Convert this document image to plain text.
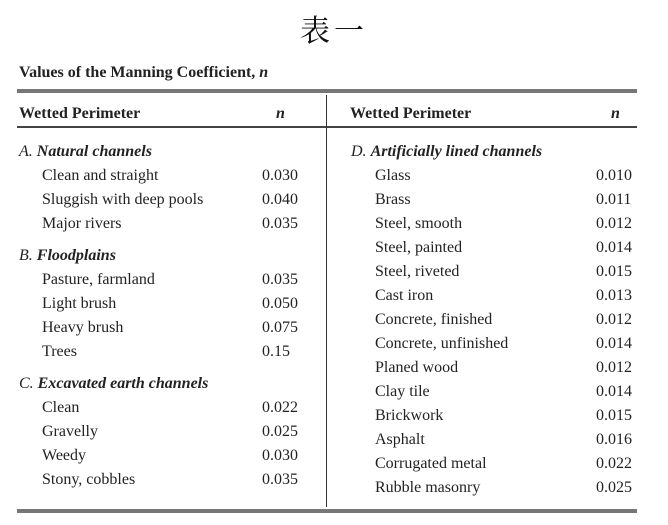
表一
Values of the Manning Coefficient, n
Wetted Perimeter	n	Wetted Perimeter	n
A. Natural channels
Clean and straight	0.030
Sluggish with deep pools	0.040
Major rivers	0.035
B. Floodplains
Pasture, farmland	0.035
Light brush	0.050
Heavy brush	0.075
Trees	0.15
C. Excavated earth channels
Clean	0.022
Gravelly	0.025
Weedy	0.030
Stony, cobbles	0.035
D. Artificially lined channels
Glass	0.010
Brass	0.011
Steel, smooth	0.012
Steel, painted	0.014
Steel, riveted	0.015
Cast iron	0.013
Concrete, finished	0.012
Concrete, unfinished	0.014
Planed wood	0.012
Clay tile	0.014
Brickwork	0.015
Asphalt	0.016
Corrugated metal	0.022
Rubble masonry	0.025
